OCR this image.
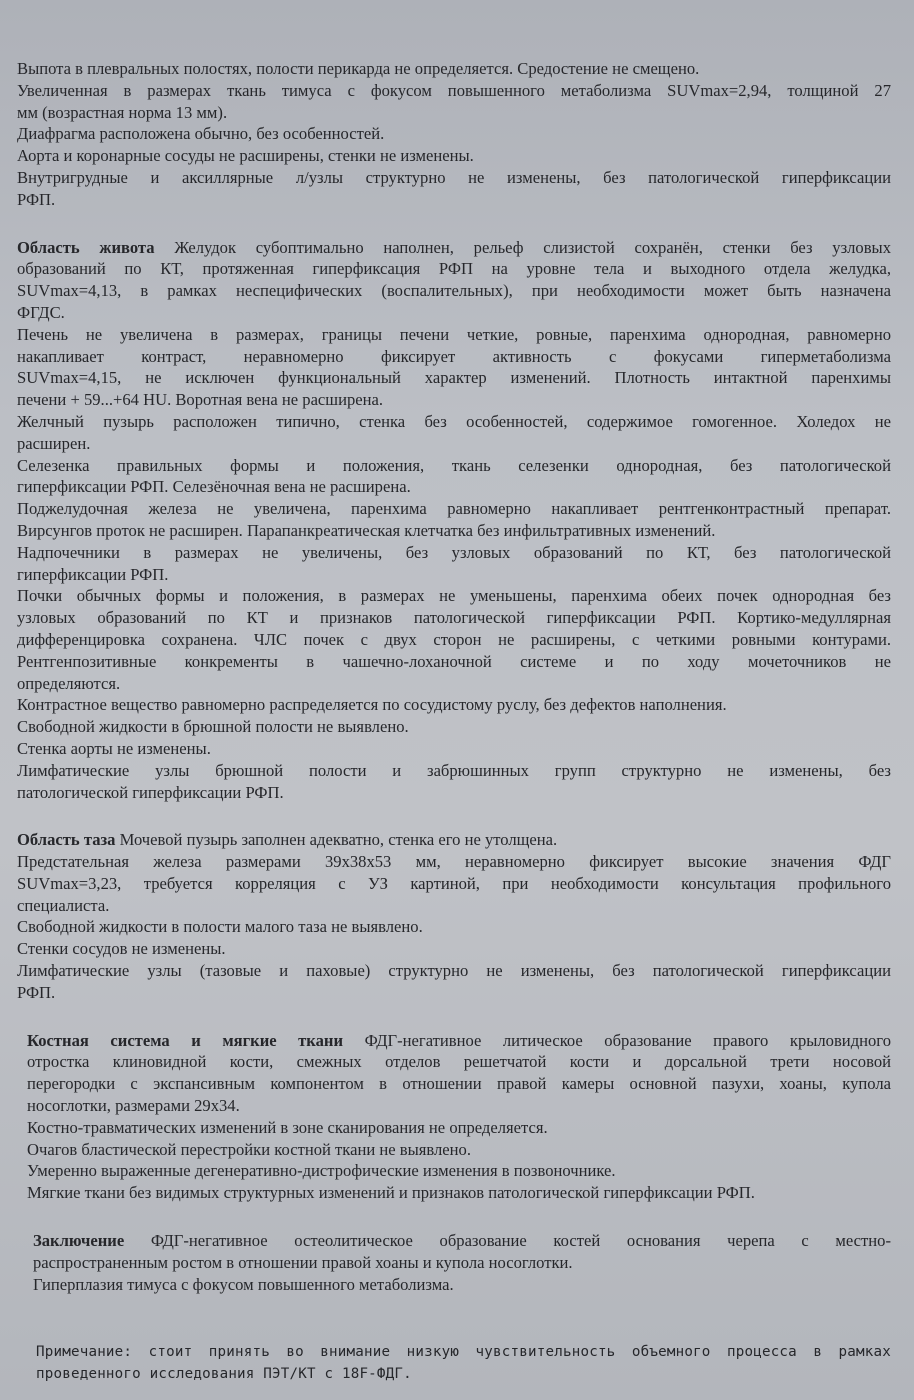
Выпота в плевральных полостях, полости перикарда не определяется. Средостение не смещено.
Увеличенная в размерах ткань тимуса с фокусом повышенного метаболизма SUVmax=2,94, толщиной 27
мм (возрастная норма 13 мм).
Диафрагма расположена обычно, без особенностей.
Аорта и коронарные сосуды не расширены, стенки не изменены.
Внутригрудные и аксиллярные л/узлы структурно не изменены, без патологической гиперфиксации
РФП.
Область живота Желудок субоптимально наполнен, рельеф слизистой сохранён, стенки без узловых
образований по КТ, протяженная гиперфиксация РФП на уровне тела и выходного отдела желудка,
SUVmax=4,13, в рамках неспецифических (воспалительных), при необходимости может быть назначена
ФГДС.
Печень не увеличена в размерах, границы печени четкие, ровные, паренхима однородная, равномерно
накапливает контраст, неравномерно фиксирует активность с фокусами гиперметаболизма
SUVmax=4,15, не исключен функциональный характер изменений. Плотность интактной паренхимы
печени + 59...+64 HU. Воротная вена не расширена.
Желчный пузырь расположен типично, стенка без особенностей, содержимое гомогенное. Холедох не
расширен.
Селезенка правильных формы и положения, ткань селезенки однородная, без патологической
гиперфиксации РФП. Селезёночная вена не расширена.
Поджелудочная железа не увеличена, паренхима равномерно накапливает рентгенконтрастный препарат.
Вирсунгов проток не расширен. Парапанкреатическая клетчатка без инфильтративных изменений.
Надпочечники в размерах не увеличены, без узловых образований по КТ, без патологической
гиперфиксации РФП.
Почки обычных формы и положения, в размерах не уменьшены, паренхима обеих почек однородная без
узловых образований по КТ и признаков патологической гиперфиксации РФП. Кортико-медуллярная
дифференцировка сохранена. ЧЛС почек с двух сторон не расширены, с четкими ровными контурами.
Рентгенпозитивные конкременты в чашечно-лоханочной системе и по ходу мочеточников не
определяются.
Контрастное вещество равномерно распределяется по сосудистому руслу, без дефектов наполнения.
Свободной жидкости в брюшной полости не выявлено.
Стенка аорты не изменены.
Лимфатические узлы брюшной полости и забрюшинных групп структурно не изменены, без
патологической гиперфиксации РФП.
Область таза Мочевой пузырь заполнен адекватно, стенка его не утолщена.
Предстательная железа размерами 39х38х53 мм, неравномерно фиксирует высокие значения ФДГ
SUVmax=3,23, требуется корреляция с УЗ картиной, при необходимости консультация профильного
специалиста.
Свободной жидкости в полости малого таза не выявлено.
Стенки сосудов не изменены.
Лимфатические узлы (тазовые и паховые) структурно не изменены, без патологической гиперфиксации
РФП.
Костная система и мягкие ткани ФДГ-негативное литическое образование правого крыловидного
отростка клиновидной кости, смежных отделов решетчатой кости и дорсальной трети носовой
перегородки с экспансивным компонентом в отношении правой камеры основной пазухи, хоаны, купола
носоглотки, размерами 29х34.
Костно-травматических изменений в зоне сканирования не определяется.
Очагов бластической перестройки костной ткани не выявлено.
Умеренно выраженные дегенеративно-дистрофические изменения в позвоночнике.
Мягкие ткани без видимых структурных изменений и признаков патологической гиперфиксации РФП.
Заключение ФДГ-негативное остеолитическое образование костей основания черепа с местно-
распространенным ростом в отношении правой хоаны и купола носоглотки.
Гиперплазия тимуса с фокусом повышенного метаболизма.
Примечание: стоит принять во внимание низкую чувствительность объемного процесса в рамках
проведенного исследования ПЭТ/КТ с 18F-ФДГ.
